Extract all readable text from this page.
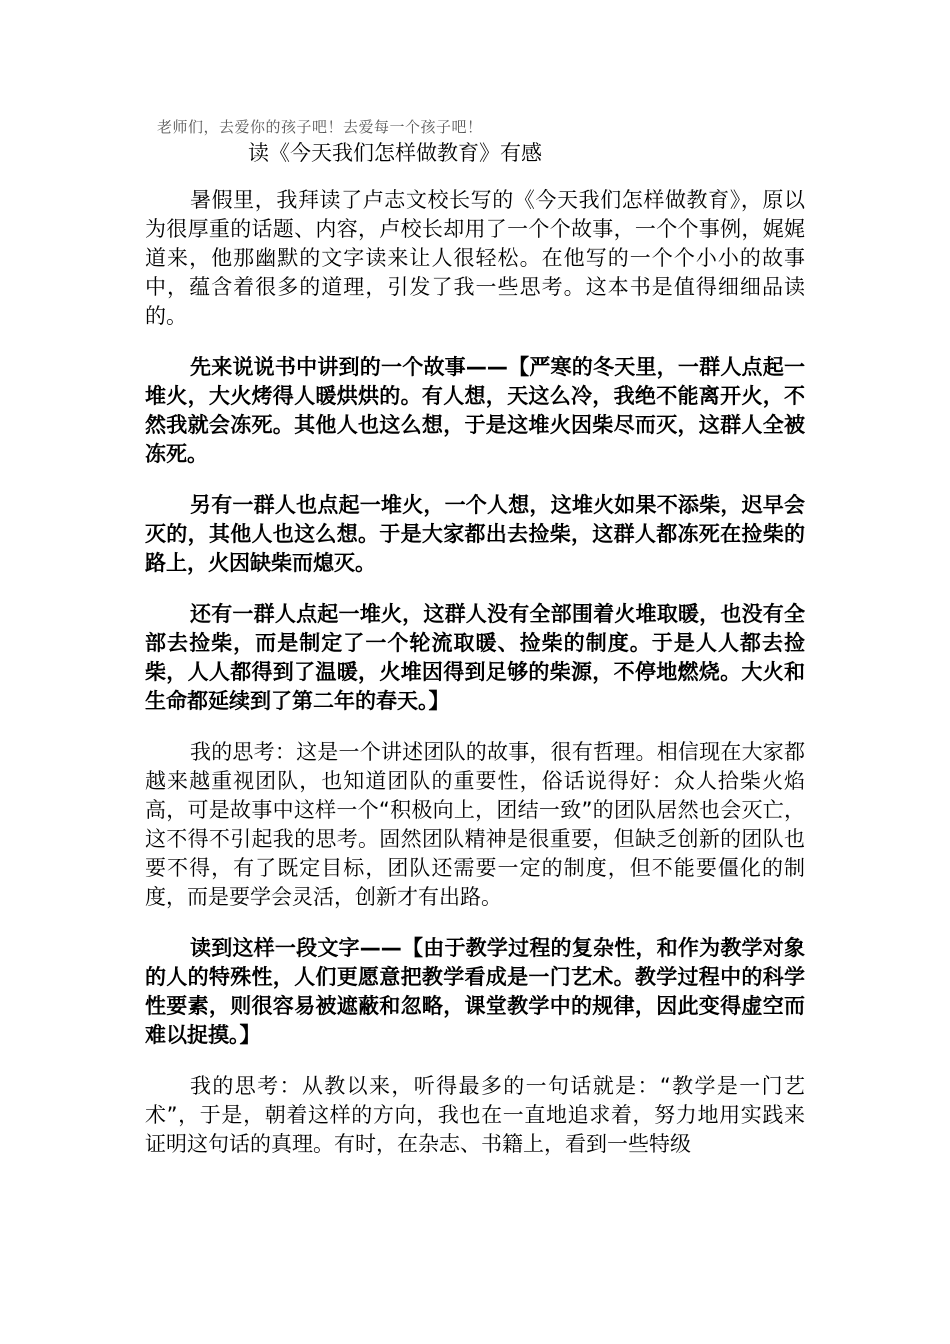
老师们，去爱你的孩子吧！去爱每一个孩子吧！
读《今天我们怎样做教育》有感

暑假里，我拜读了卢志文校长写的《今天我们怎样做教育》，原以为很厚重的话题、内容，卢校长却用了一个个故事，一个个事例，娓娓道来，他那幽默的文字读来让人很轻松。在他写的一个个小小的故事中，蕴含着很多的道理，引发了我一些思考。这本书是值得细细品读的。

先来说说书中讲到的一个故事——【严寒的冬天里，一群人点起一堆火，大火烤得人暖烘烘的。有人想，天这么冷，我绝不能离开火，不然我就会冻死。其他人也这么想，于是这堆火因柴尽而灭，这群人全被冻死。

另有一群人也点起一堆火，一个人想，这堆火如果不添柴，迟早会灭的，其他人也这么想。于是大家都出去捡柴，这群人都冻死在捡柴的路上，火因缺柴而熄灭。

还有一群人点起一堆火，这群人没有全部围着火堆取暖，也没有全部去捡柴，而是制定了一个轮流取暖、捡柴的制度。于是人人都去捡柴，人人都得到了温暖，火堆因得到足够的柴源，不停地燃烧。大火和生命都延续到了第二年的春天。】

我的思考：这是一个讲述团队的故事，很有哲理。相信现在大家都越来越重视团队，也知道团队的重要性，俗话说得好：众人拾柴火焰高，可是故事中这样一个“积极向上，团结一致”的团队居然也会灭亡，这不得不引起我的思考。固然团队精神是很重要，但缺乏创新的团队也要不得，有了既定目标，团队还需要一定的制度，但不能要僵化的制度，而是要学会灵活，创新才有出路。

读到这样一段文字——【由于教学过程的复杂性，和作为教学对象的人的特殊性，人们更愿意把教学看成是一门艺术。教学过程中的科学性要素，则很容易被遮蔽和忽略，课堂教学中的规律，因此变得虚空而难以捉摸。】

我的思考：从教以来，听得最多的一句话就是：“教学是一门艺术”，于是，朝着这样的方向，我也在一直地追求着，努力地用实践来证明这句话的真理。有时，在杂志、书籍上，看到一些特级
